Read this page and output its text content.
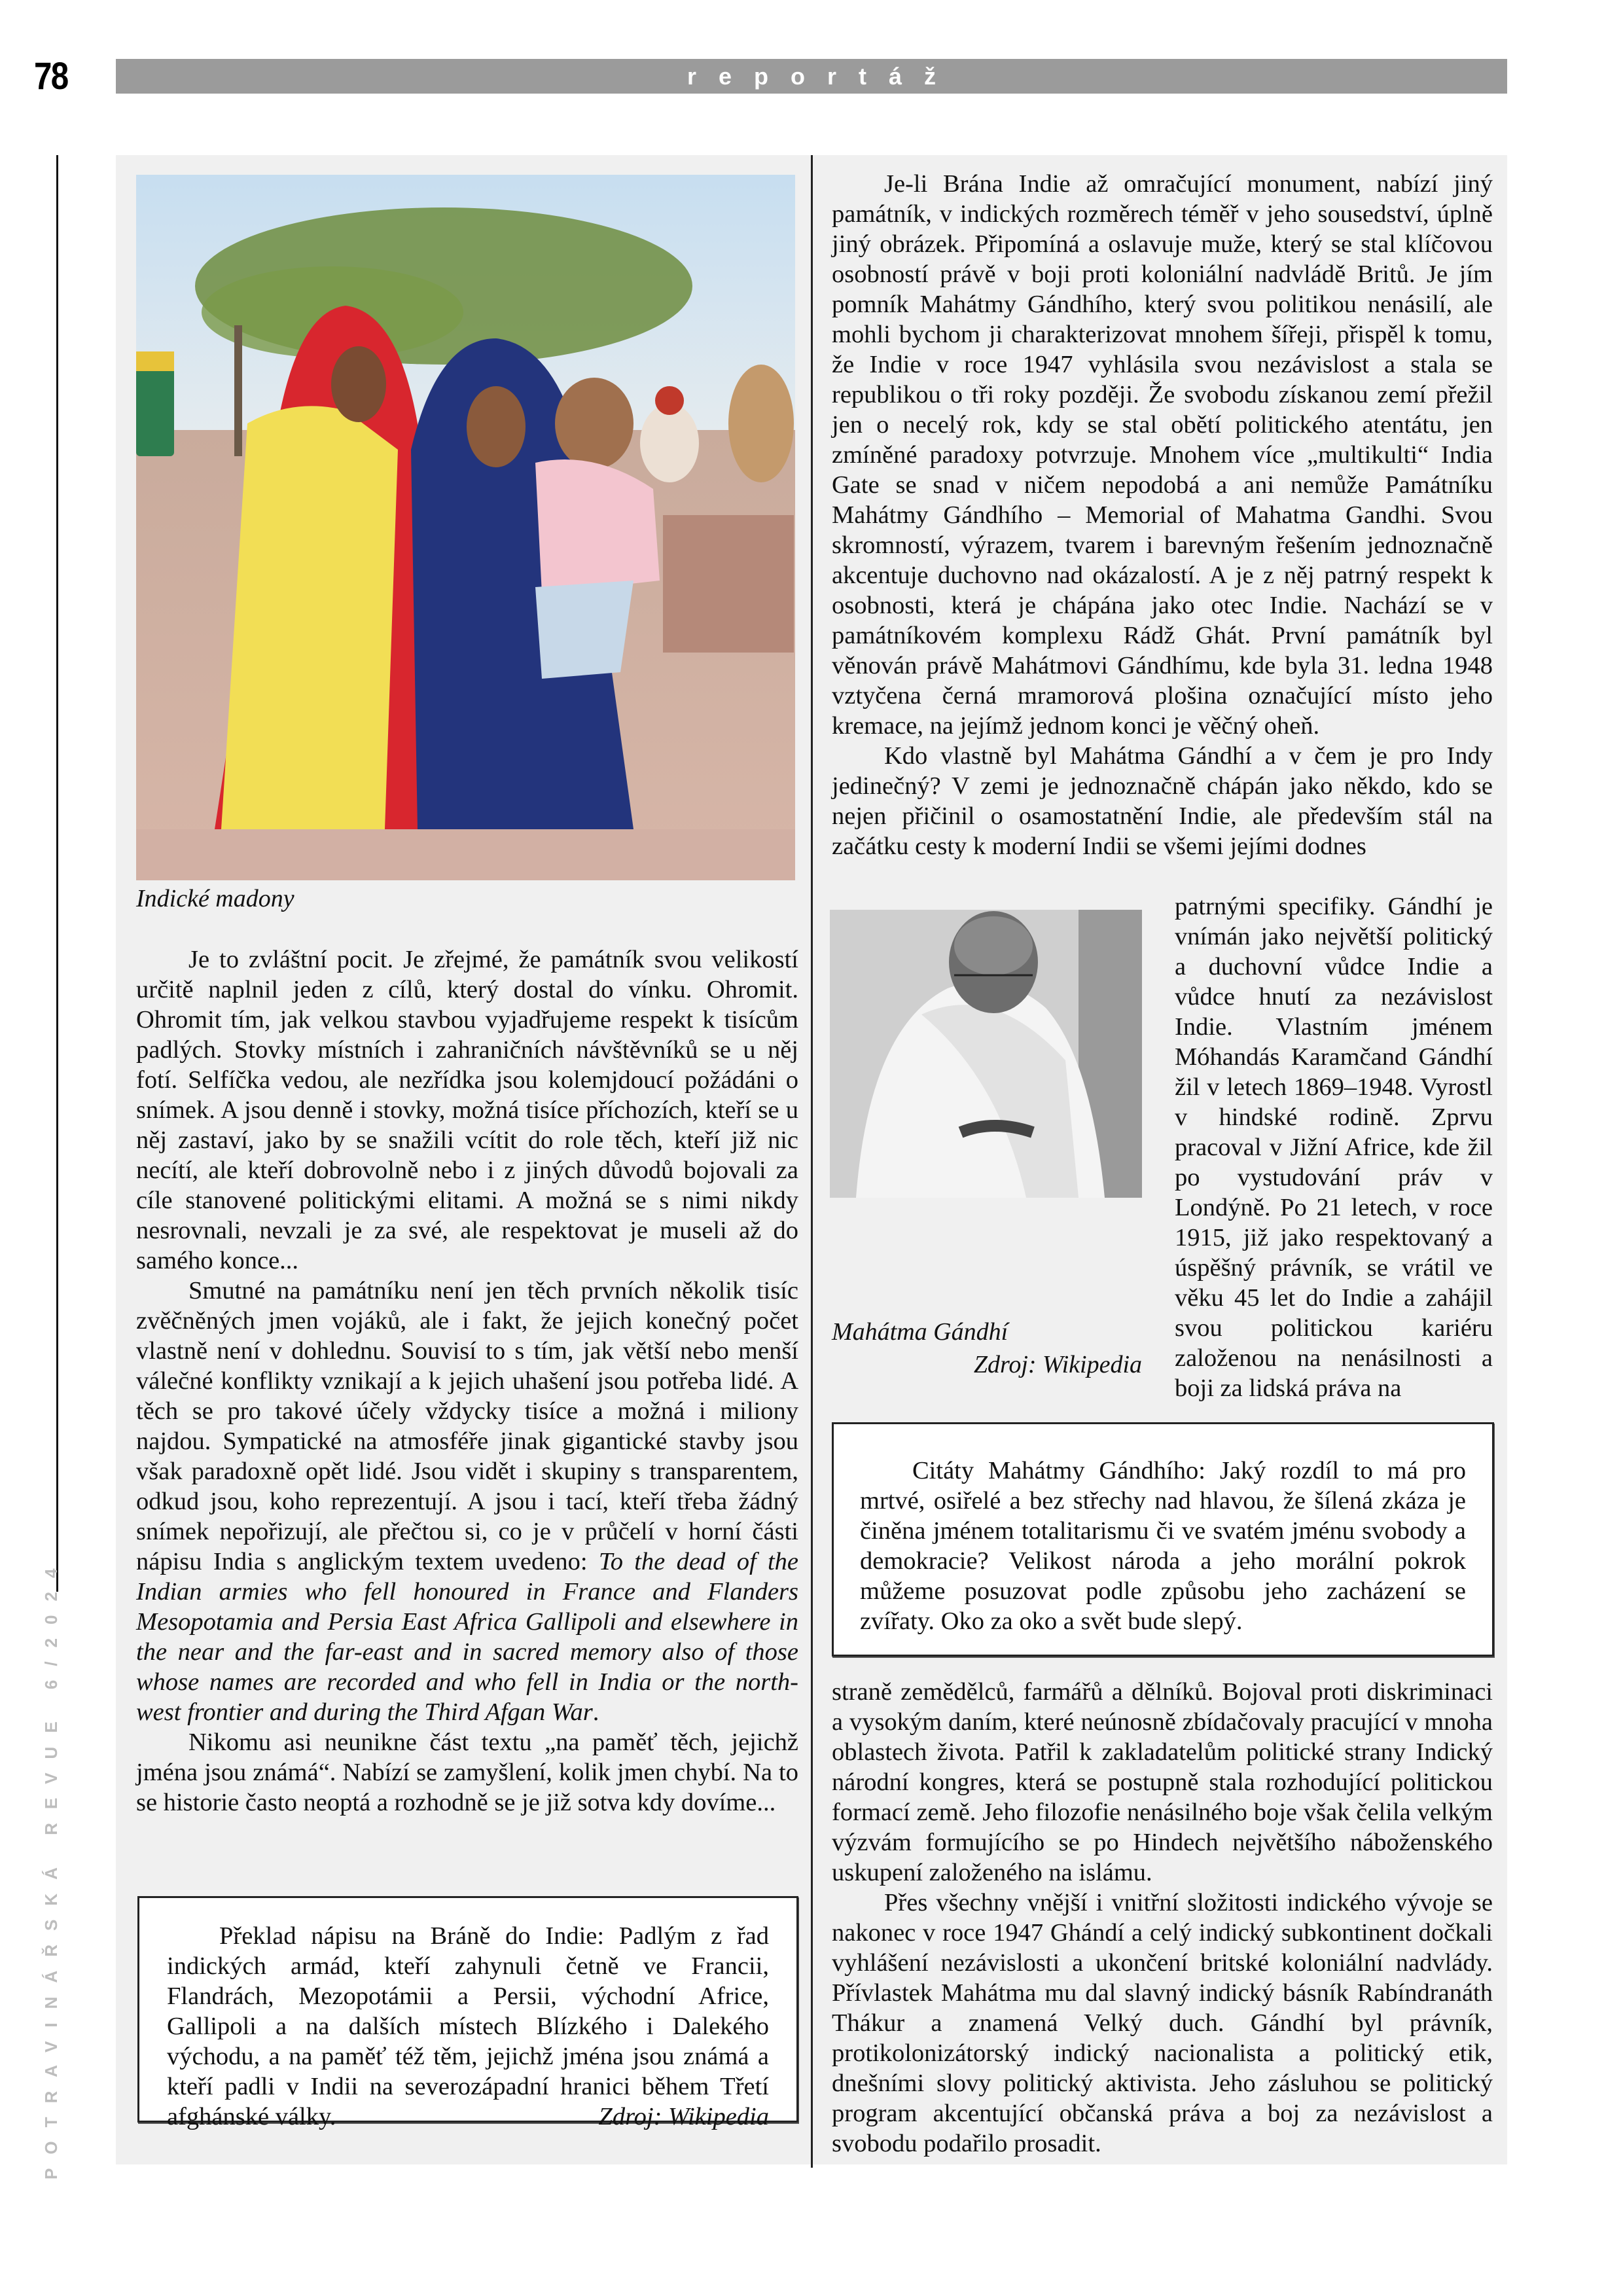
78	reportáž
POTRAVINÁŘSKÁ REVUE 6/2024
Indické madony

Je to zvláštní pocit. Je zřejmé, že památník svou velikostí určitě naplnil jeden z cílů, který dostal do vínku. Ohromit. Ohromit tím, jak velkou stavbou vyjadřujeme respekt k tisícům padlých. Stovky místních i zahraničních návštěvníků se u něj fotí. Selfíčka vedou, ale nezřídka jsou kolemjdoucí požádáni o snímek. A jsou denně i stovky, možná tisíce příchozích, kteří se u něj zastaví, jako by se snažili vcítit do role těch, kteří již nic necítí, ale kteří dobrovolně nebo i z jiných důvodů bojovali za cíle stanovené politickými elitami. A možná se s nimi nikdy nesrovnali, nevzali je za své, ale respektovat je museli až do samého konce...

Smutné na památníku není jen těch prvních několik tisíc zvěčněných jmen vojáků, ale i fakt, že jejich konečný počet vlastně není v dohlednu. Souvisí to s tím, jak větší nebo menší válečné konflikty vznikají a k jejich uhašení jsou potřeba lidé. A těch se pro takové účely vždycky tisíce a možná i miliony najdou. Sympatické na atmosféře jinak gigantické stavby jsou však paradoxně opět lidé. Jsou vidět i skupiny s transparentem, odkud jsou, koho reprezentují. A jsou i tací, kteří třeba žádný snímek nepořizují, ale přečtou si, co je v průčelí v horní části nápisu India s anglickým textem uvedeno: To the dead of the Indian armies who fell honoured in France and Flanders Mesopotamia and Persia East Africa Gallipoli and elsewhere in the near and the far-east and in sacred memory also of those whose names are recorded and who fell in India or the north-west frontier and during the Third Afgan War.

Nikomu asi neunikne část textu „na paměť těch, jejichž jména jsou známá“. Nabízí se zamyšlení, kolik jmen chybí. Na to se historie často neoptá a rozhodně se je již sotva kdy dovíme...

Překlad nápisu na Bráně do Indie: Padlým z řad indických armád, kteří zahynuli četně ve Francii, Flandrách, Mezopotámii a Persii, východní Africe, Gallipoli a na dalších místech Blízkého i Dalekého východu, a na paměť též těm, jejichž jména jsou známá a kteří padli v Indii na severozápadní hranici během Třetí afghánské války.	Zdroj: Wikipedia

Je-li Brána Indie až omračující monument, nabízí jiný památník, v indických rozměrech téměř v jeho sousedství, úplně jiný obrázek. Připomíná a oslavuje muže, který se stal klíčovou osobností právě v boji proti koloniální nadvládě Britů. Je jím pomník Mahátmy Gándhího, který svou politikou nenásilí, ale mohli bychom ji charakterizovat mnohem šířeji, přispěl k tomu, že Indie v roce 1947 vyhlásila svou nezávislost a stala se republikou o tři roky později. Že svobodu získanou zemí přežil jen o necelý rok, kdy se stal obětí politického atentátu, jen zmíněné paradoxy potvrzuje. Mnohem více „multikulti“ India Gate se snad v ničem nepodobá a ani nemůže Památníku Mahátmy Gándhího – Memorial of Mahatma Gandhi. Svou skromností, výrazem, tvarem i barevným řešením jednoznačně akcentuje duchovno nad okázalostí. A je z něj patrný respekt k osobnosti, která je chápána jako otec Indie. Nachází se v památníkovém komplexu Rádž Ghát. První památník byl věnován právě Mahátmovi Gándhímu, kde byla 31. ledna 1948 vztyčena černá mramorová plošina označující místo jeho kremace, na jejímž jednom konci je věčný oheň.

Kdo vlastně byl Mahátma Gándhí a v čem je pro Indy jedinečný? V zemi je jednoznačně chápán jako někdo, kdo se nejen přičinil o osamostatnění Indie, ale především stál na začátku cesty k moderní Indii se všemi jejími dodnes

Mahátma Gándhí
Zdroj: Wikipedia

patrnými specifiky. Gándhí je vnímán jako největší politický a duchovní vůdce Indie a vůdce hnutí za nezávislost Indie. Vlastním jménem Móhandás Karamčand Gándhí žil v letech 1869–1948. Vyrostl v hindské rodině. Zprvu pracoval v Jižní Africe, kde žil po vystudování práv v Londýně. Po 21 letech, v roce 1915, již jako respektovaný a úspěšný právník, se vrátil ve věku 45 let do Indie a zahájil svou politickou kariéru založenou na nenásilnosti a boji za lidská práva na

Citáty Mahátmy Gándhího: Jaký rozdíl to má pro mrtvé, osiřelé a bez střechy nad hlavou, že šílená zkáza je činěna jménem totalitarismu či ve svatém jménu svobody a demokracie? Velikost národa a jeho morální pokrok můžeme posuzovat podle způsobu jeho zacházení se zvířaty. Oko za oko a svět bude slepý.

straně zemědělců, farmářů a dělníků. Bojoval proti diskriminaci a vysokým daním, které neúnosně zbídačovaly pracující v mnoha oblastech života. Patřil k zakladatelům politické strany Indický národní kongres, která se postupně stala rozhodující politickou formací země. Jeho filozofie nenásilného boje však čelila velkým výzvám formujícího se po Hindech největšího náboženského uskupení založeného na islámu.

Přes všechny vnější i vnitřní složitosti indického vývoje se nakonec v roce 1947 Ghándí a celý indický subkontinent dočkali vyhlášení nezávislosti a ukončení britské koloniální nadvlády. Přívlastek Mahátma mu dal slavný indický básník Rabíndranáth Thákur a znamená Velký duch. Gándhí byl právník, protikolonizátorský indický nacionalista a politický etik, dnešními slovy politický aktivista. Jeho zásluhou se politický program akcentující občanská práva a boj za nezávislost a svobodu podařilo prosadit.
